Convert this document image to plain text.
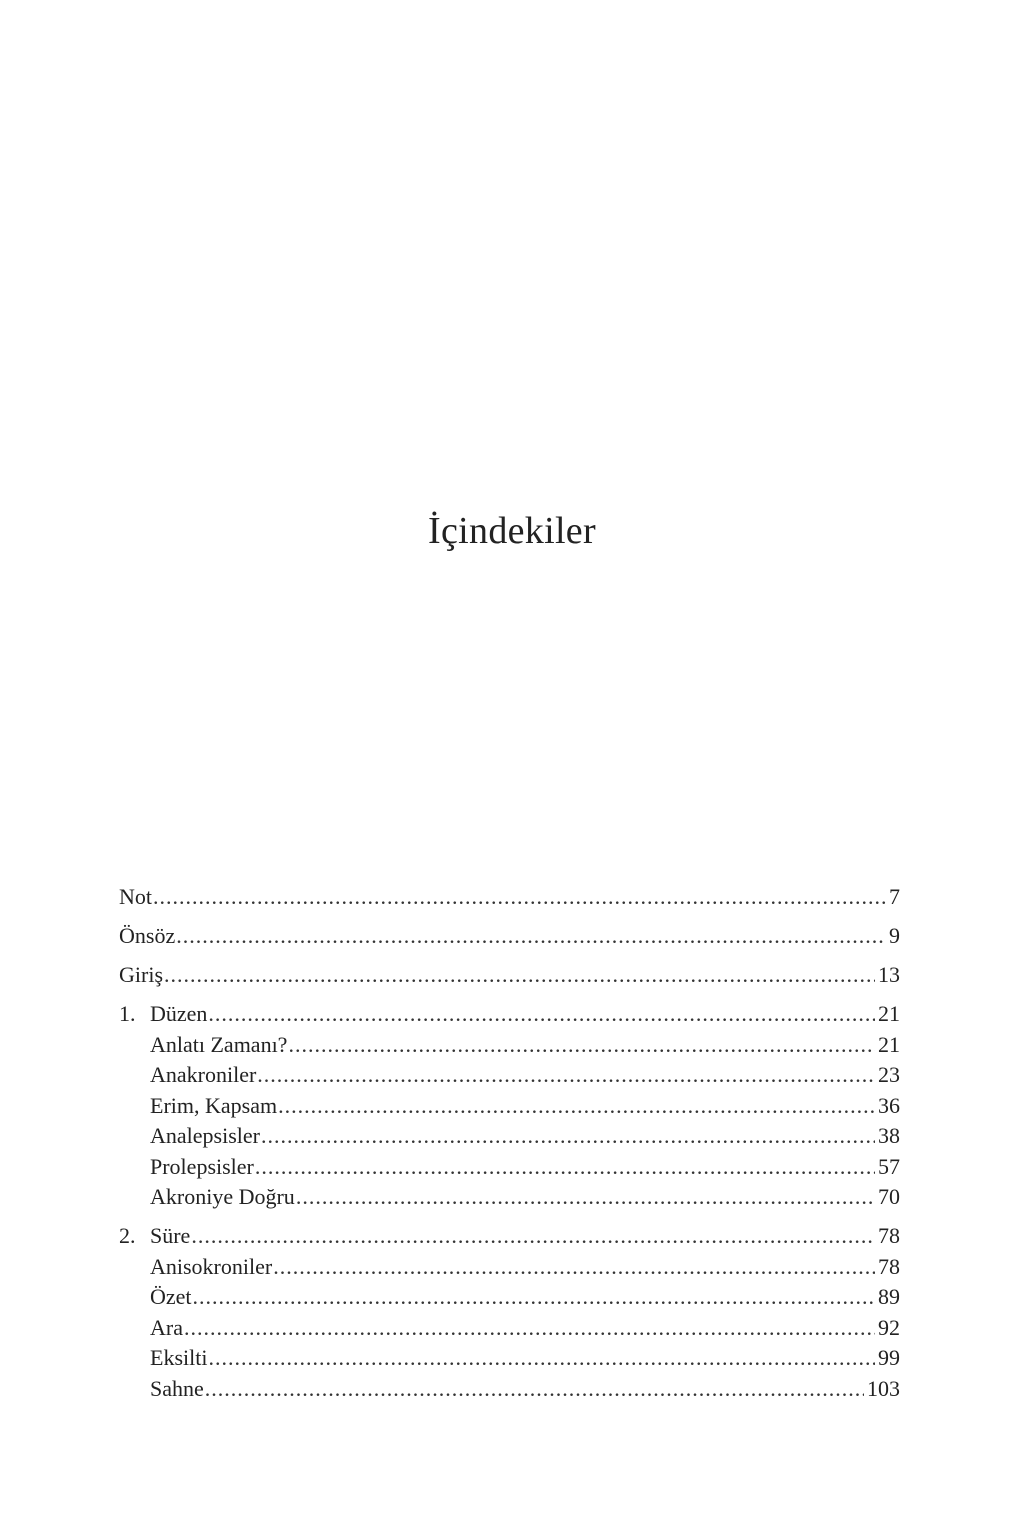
İçindekiler
Not .....	7
Önsöz .....	9
Giriş .....	13
1. Düzen .....	21
Anlatı Zamanı? .....	21
Anakroniler .....	23
Erim, Kapsam .....	36
Analepsisler .....	38
Prolepsisler .....	57
Akroniye Doğru .....	70
2. Süre .....	78
Anisokroniler .....	78
Özet .....	89
Ara .....	92
Eksilti .....	99
Sahne .....	103
